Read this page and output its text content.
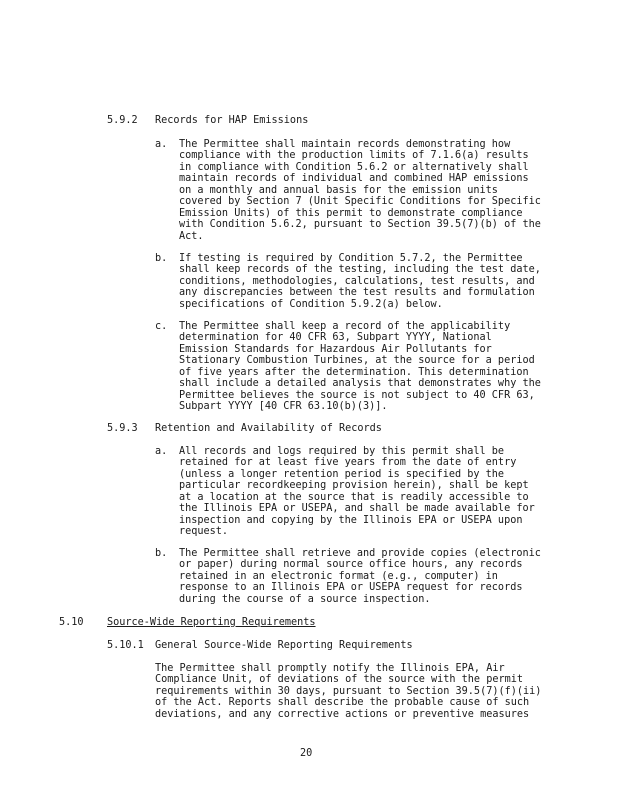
5.9.2 Records for HAP Emissions
a. The Permittee shall maintain records demonstrating how
compliance with the production limits of 7.1.6(a) results
in compliance with Condition 5.6.2 or alternatively shall
maintain records of individual and combined HAP emissions
on a monthly and annual basis for the emission units
covered by Section 7 (Unit Specific Conditions for Specific
Emission Units) of this permit to demonstrate compliance
with Condition 5.6.2, pursuant to Section 39.5(7)(b) of the
Act.
b. If testing is required by Condition 5.7.2, the Permittee
shall keep records of the testing, including the test date,
conditions, methodologies, calculations, test results, and
any discrepancies between the test results and formulation
specifications of Condition 5.9.2(a) below.
c. The Permittee shall keep a record of the applicability
determination for 40 CFR 63, Subpart YYYY, National
Emission Standards for Hazardous Air Pollutants for
Stationary Combustion Turbines, at the source for a period
of five years after the determination. This determination
shall include a detailed analysis that demonstrates why the
Permittee believes the source is not subject to 40 CFR 63,
Subpart YYYY [40 CFR 63.10(b)(3)].
5.9.3 Retention and Availability of Records
a. All records and logs required by this permit shall be
retained for at least five years from the date of entry
(unless a longer retention period is specified by the
particular recordkeeping provision herein), shall be kept
at a location at the source that is readily accessible to
the Illinois EPA or USEPA, and shall be made available for
inspection and copying by the Illinois EPA or USEPA upon
request.
b. The Permittee shall retrieve and provide copies (electronic
or paper) during normal source office hours, any records
retained in an electronic format (e.g., computer) in
response to an Illinois EPA or USEPA request for records
during the course of a source inspection.
5.10 Source-Wide Reporting Requirements
5.10.1 General Source-Wide Reporting Requirements
The Permittee shall promptly notify the Illinois EPA, Air
Compliance Unit, of deviations of the source with the permit
requirements within 30 days, pursuant to Section 39.5(7)(f)(ii)
of the Act. Reports shall describe the probable cause of such
deviations, and any corrective actions or preventive measures
20
